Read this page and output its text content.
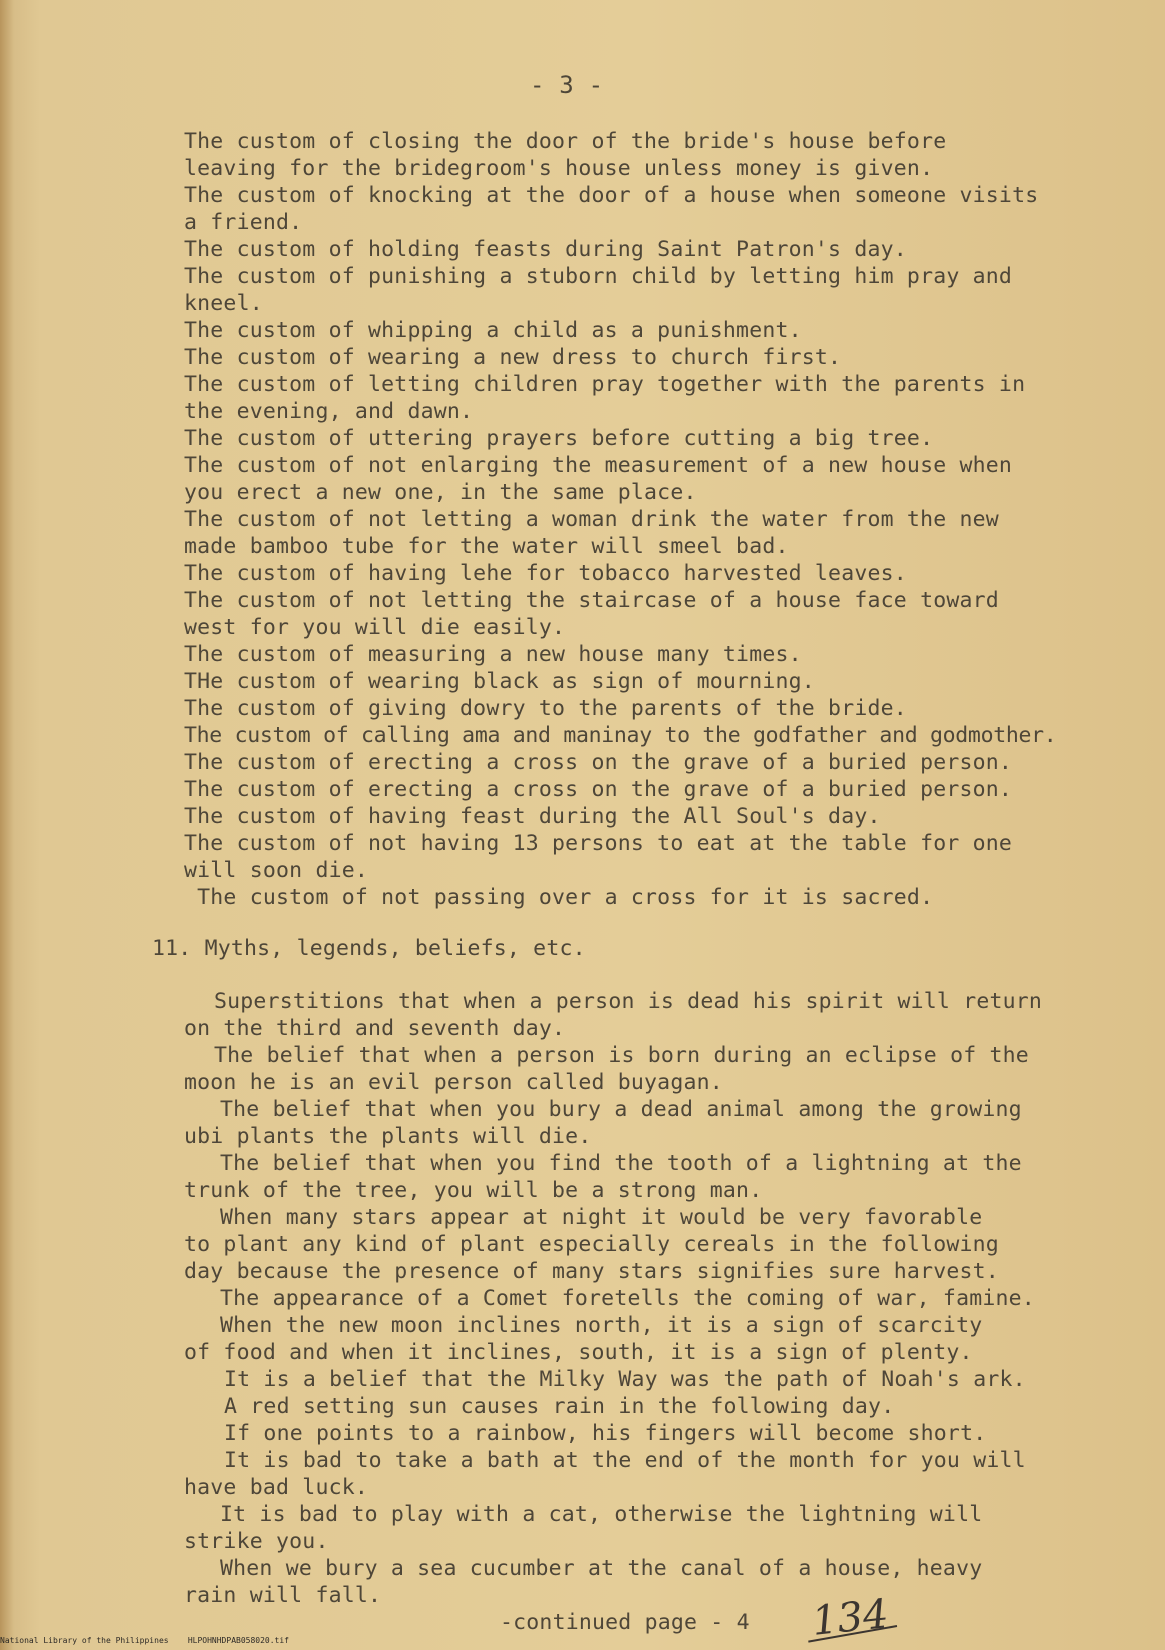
- 3 -
The custom of closing the door of the bride's house before
leaving for the bridegroom's house unless money is given.
The custom of knocking at the door of a house when someone visits
a friend.
The custom of holding feasts during Saint Patron's day.
The custom of punishing a stuborn child by letting him pray and
kneel.
The custom of whipping a child as a punishment.
The custom of wearing a new dress to church first.
The custom of letting children pray together with the parents in
the evening, and dawn.
The custom of uttering prayers before cutting a big tree.
The custom of not enlarging the measurement of a new house when
you erect a new one, in the same place.
The custom of not letting a woman drink the water from the new
made bamboo tube for the water will smeel bad.
The custom of having lehe for tobacco harvested leaves.
The custom of not letting the staircase of a house face toward
west for you will die easily.
The custom of measuring a new house many times.
THe custom of wearing black as sign of mourning.
The custom of giving dowry to the parents of the bride.
The custom of calling ama and maninay to the godfather and godmother.
The custom of erecting a cross on the grave of a buried person.
The custom of erecting a cross on the grave of a buried person.
The custom of having feast during the All Soul's day.
The custom of not having 13 persons to eat at the table for one
will soon die.
The custom of not passing over a cross for it is sacred.
11. Myths, legends, beliefs, etc.
Superstitions that when a person is dead his spirit will return
on the third and seventh day.
The belief that when a person is born during an eclipse of the
moon he is an evil person called buyagan.
The belief that when you bury a dead animal among the growing
ubi plants the plants will die.
The belief that when you find the tooth of a lightning at the
trunk of the tree, you will be a strong man.
When many stars appear at night it would be very favorable
to plant any kind of plant especially cereals in the following
day because the presence of many stars signifies sure harvest.
The appearance of a Comet foretells the coming of war, famine.
When the new moon inclines north, it is a sign of scarcity
of food and when it inclines, south, it is a sign of plenty.
It is a belief that the Milky Way was the path of Noah's ark.
A red setting sun causes rain in the following day.
If one points to a rainbow, his fingers will become short.
It is bad to take a bath at the end of the month for you will
have bad luck.
It is bad to play with a cat, otherwise the lightning will
strike you.
When we bury a sea cucumber at the canal of a house, heavy
rain will fall.
-continued page - 4 134
National Library of the Philippines    HLPOHNHDPAB058020.tif
